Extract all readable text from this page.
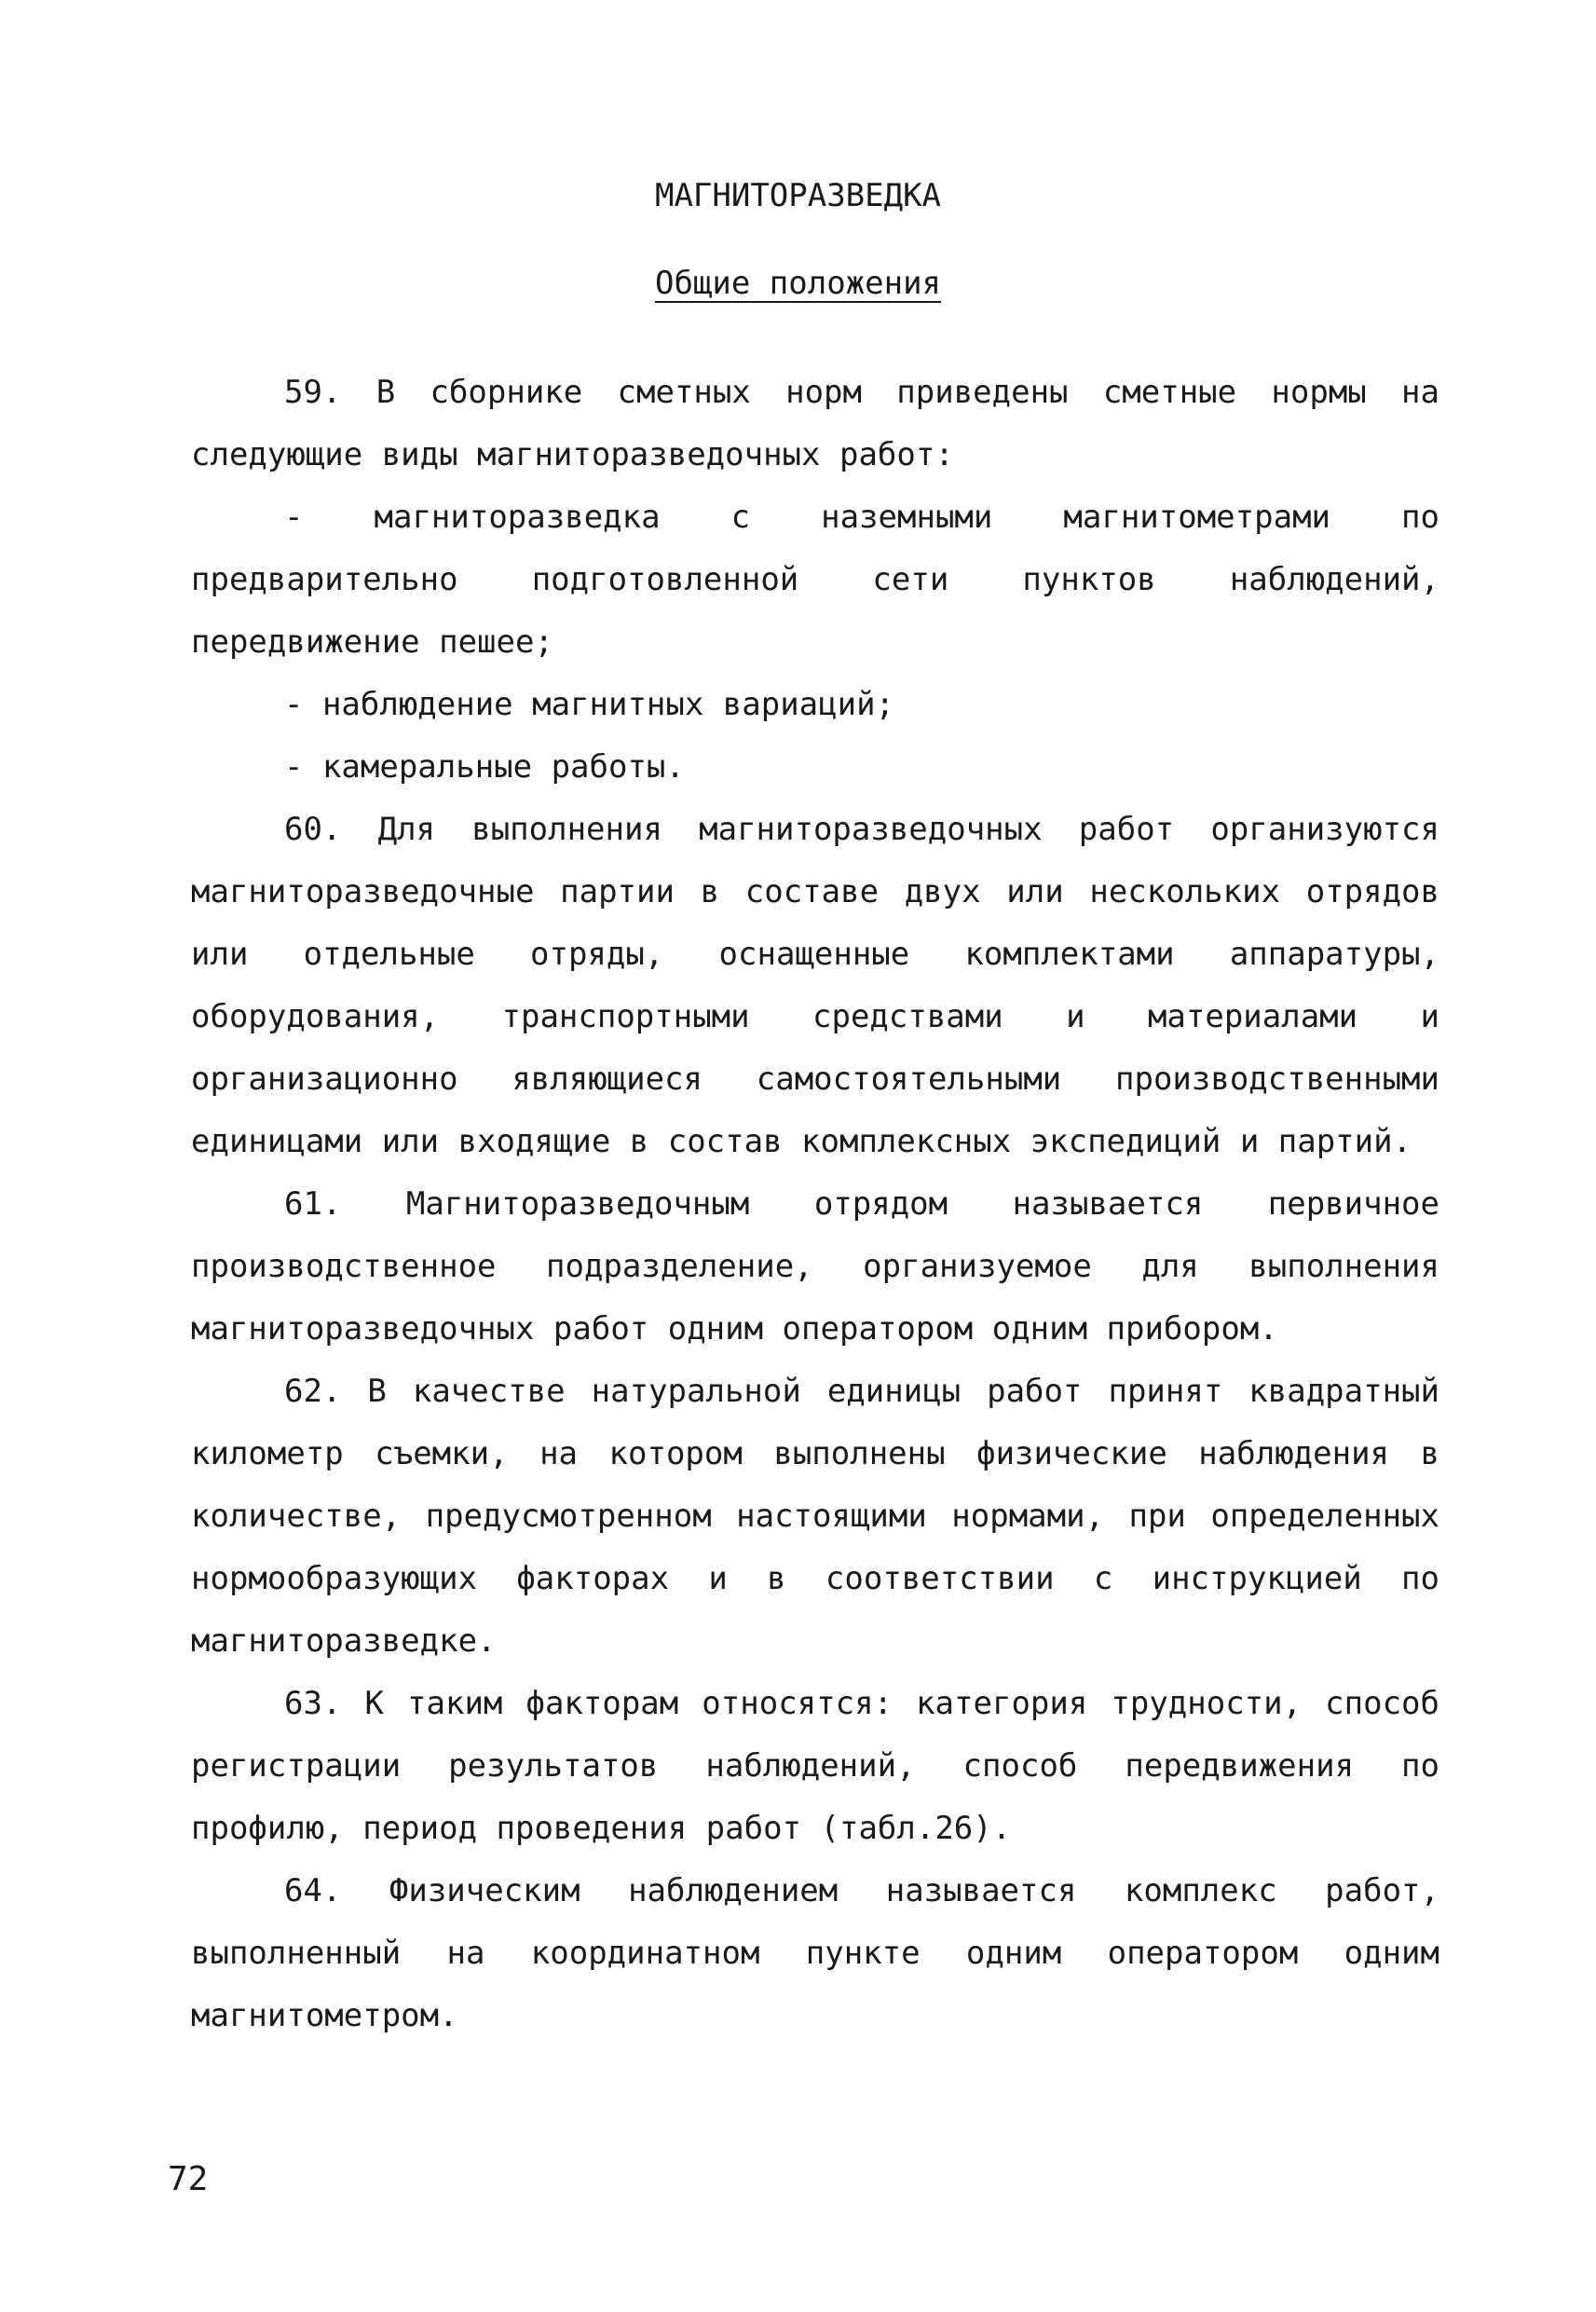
МАГНИТОРАЗВЕДКА
Общие положения

59. В сборнике сметных норм приведены сметные нормы на следующие виды магниторазведочных работ:

- магниторазведка с наземными магнитометрами по предварительно подготовленной сети пунктов наблюдений, передвижение пешее;

- наблюдение магнитных вариаций;

- камеральные работы.

60. Для выполнения магниторазведочных работ организуются магниторазведочные партии в составе двух или нескольких отрядов или отдельные отряды, оснащенные комплектами аппаратуры, оборудования, транспортными средствами и материалами и организационно являющиеся самостоятельными производственными единицами или входящие в состав комплексных экспедиций и партий.

61. Магниторазведочным отрядом называется первичное производственное подразделение, организуемое для выполнения магниторазведочных работ одним оператором одним прибором.

62. В качестве натуральной единицы работ принят квадратный километр съемки, на котором выполнены физические наблюдения в количестве, предусмотренном настоящими нормами, при определенных нормообразующих факторах и в соответствии с инструкцией по магниторазведке.

63. К таким факторам относятся: категория трудности, способ регистрации результатов наблюдений, способ передвижения по профилю, период проведения работ (табл.26).

64. Физическим наблюдением называется комплекс работ, выполненный на координатном пункте одним оператором одним магнитометром.

72
